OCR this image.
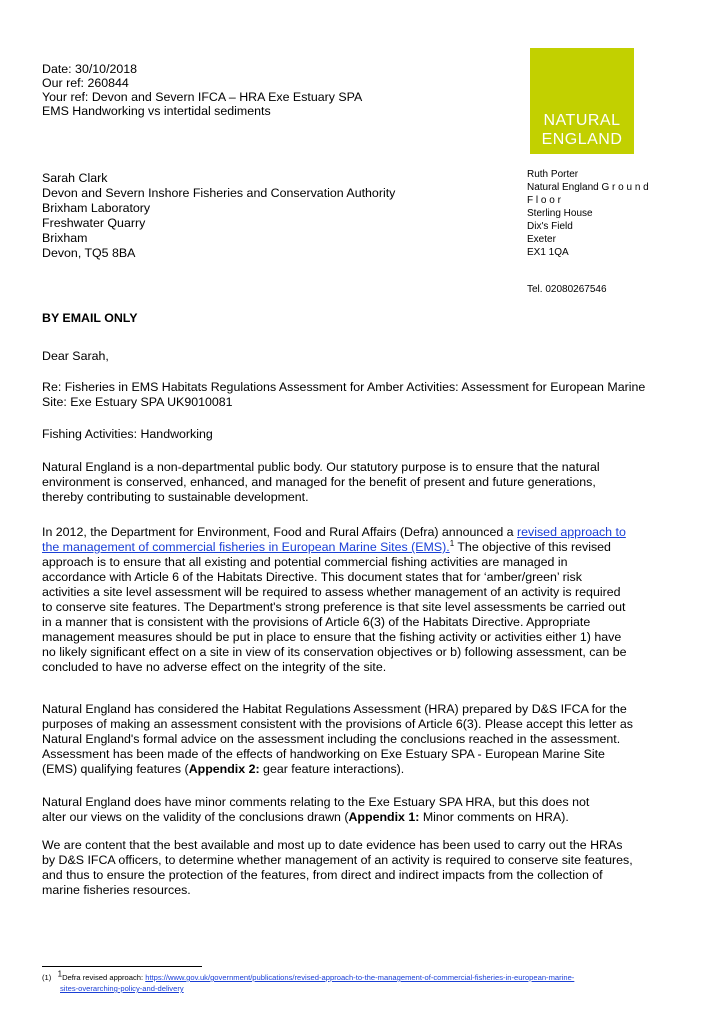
Date: 30/10/2018
Our ref: 260844
Your ref: Devon and Severn IFCA – HRA Exe Estuary SPA
EMS Handworking vs intertidal sediments
NATURAL
ENGLAND
Sarah Clark
Devon and Severn Inshore Fisheries and Conservation Authority
Brixham Laboratory
Freshwater Quarry
Brixham
Devon, TQ5 8BA
Ruth Porter
Natural England G r o u n d
F l o o r
Sterling House
Dix's Field
Exeter
EX1 1QA
Tel. 02080267546
BY EMAIL ONLY
Dear Sarah,
Re: Fisheries in EMS Habitats Regulations Assessment for Amber Activities: Assessment for European Marine
Site: Exe Estuary SPA UK9010081
Fishing Activities: Handworking
Natural England is a non-departmental public body. Our statutory purpose is to ensure that the natural
environment is conserved, enhanced, and managed for the benefit of present and future generations,
thereby contributing to sustainable development.
In 2012, the Department for Environment, Food and Rural Affairs (Defra) announced a revised approach to
the management of commercial fisheries in European Marine Sites (EMS).$^1$ The objective of this revised
approach is to ensure that all existing and potential commercial fishing activities are managed in
accordance with Article 6 of the Habitats Directive. This document states that for ‘amber/green’ risk
activities a site level assessment will be required to assess whether management of an activity is required
to conserve site features. The Department's strong preference is that site level assessments be carried out
in a manner that is consistent with the provisions of Article 6(3) of the Habitats Directive. Appropriate
management measures should be put in place to ensure that the fishing activity or activities either 1) have
no likely significant effect on a site in view of its conservation objectives or b) following assessment, can be
concluded to have no adverse effect on the integrity of the site.
Natural England has considered the Habitat Regulations Assessment (HRA) prepared by D&S IFCA for the
purposes of making an assessment consistent with the provisions of Article 6(3). Please accept this letter as
Natural England's formal advice on the assessment including the conclusions reached in the assessment.
Assessment has been made of the effects of handworking on Exe Estuary SPA - European Marine Site
(EMS) qualifying features (Appendix 2: gear feature interactions).
Natural England does have minor comments relating to the Exe Estuary SPA HRA, but this does not
alter our views on the validity of the conclusions drawn (Appendix 1: Minor comments on HRA).
We are content that the best available and most up to date evidence has been used to carry out the HRAs
by D&S IFCA officers, to determine whether management of an activity is required to conserve site features,
and thus to ensure the protection of the features, from direct and indirect impacts from the collection of
marine fisheries resources.
(1) $^1$Defra revised approach: https://www.gov.uk/government/publications/revised-approach-to-the-management-of-commercial-fisheries-in-european-marine-
sites-overarching-policy-and-delivery
